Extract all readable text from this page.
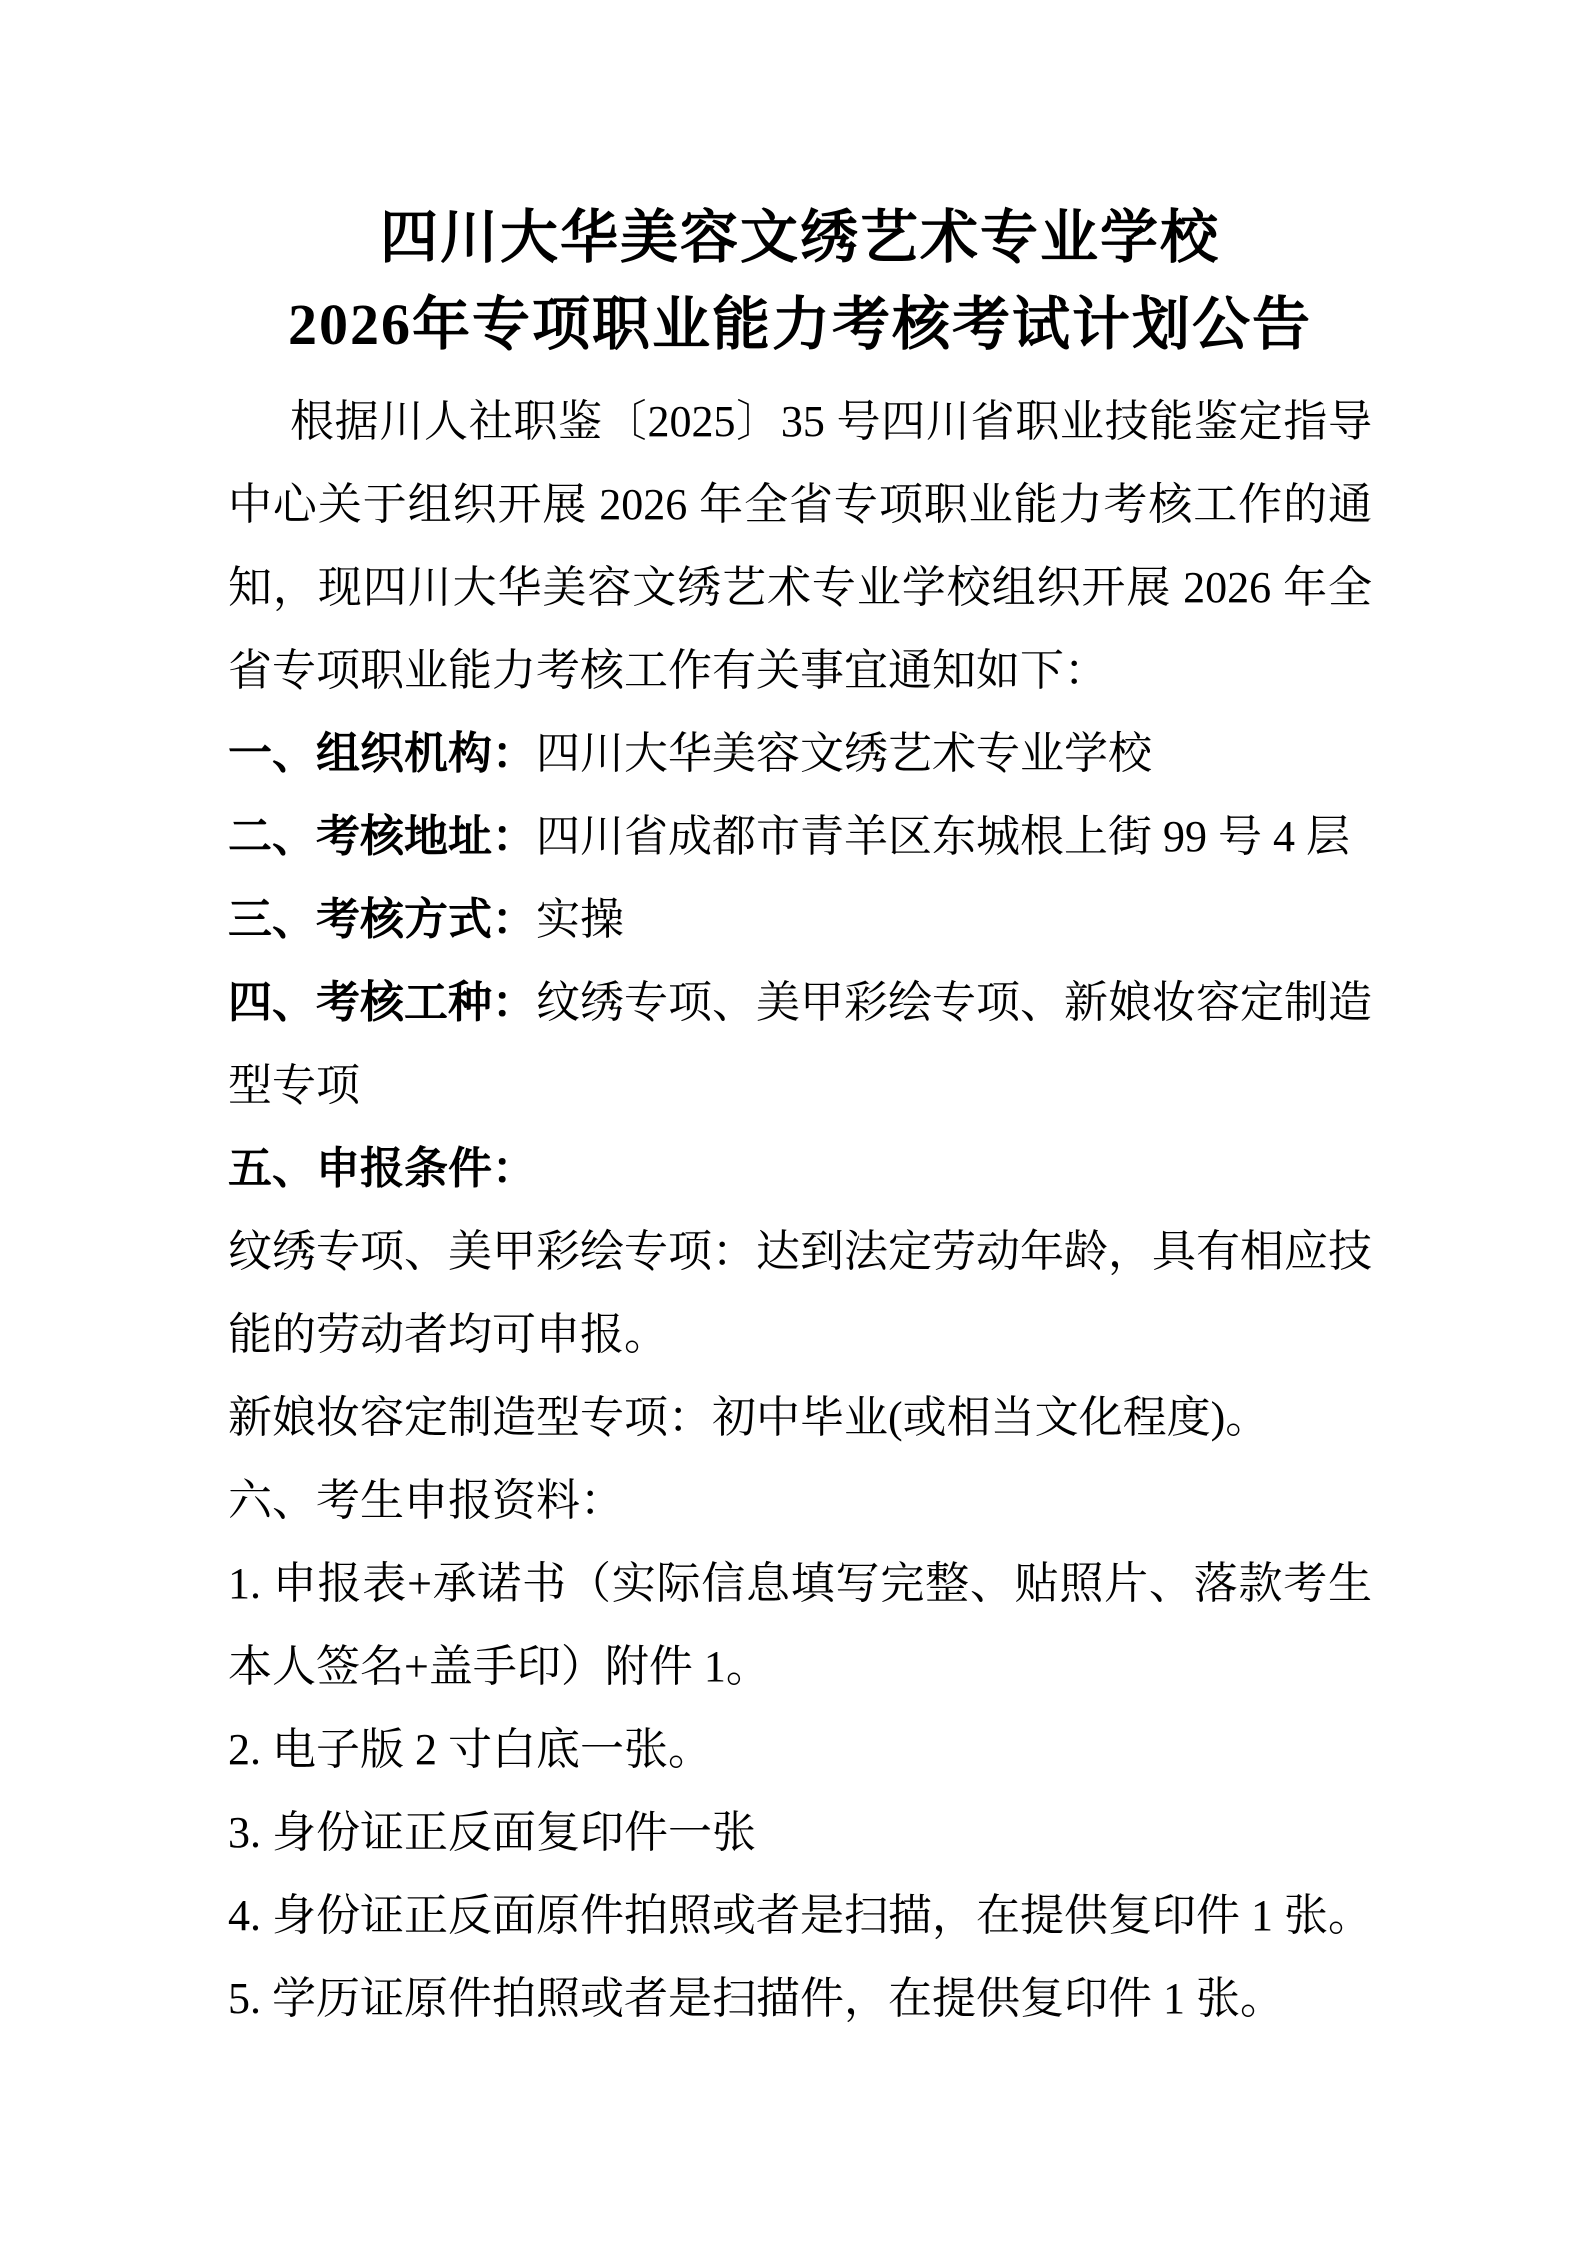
四川大华美容文绣艺术专业学校
2026年专项职业能力考核考试计划公告

根据川人社职鉴〔2025〕35 号四川省职业技能鉴定指导中心关于组织开展 2026 年全省专项职业能力考核工作的通知，现四川大华美容文绣艺术专业学校组织开展 2026 年全省专项职业能力考核工作有关事宜通知如下：

一、组织机构：四川大华美容文绣艺术专业学校

二、考核地址：四川省成都市青羊区东城根上街 99 号 4 层

三、考核方式：实操

四、考核工种：纹绣专项、美甲彩绘专项、新娘妆容定制造型专项

五、申报条件：

纹绣专项、美甲彩绘专项：达到法定劳动年龄，具有相应技能的劳动者均可申报。

新娘妆容定制造型专项：初中毕业(或相当文化程度)。

六、考生申报资料：

1. 申报表+承诺书（实际信息填写完整、贴照片、落款考生本人签名+盖手印）附件 1。

2. 电子版 2 寸白底一张。

3. 身份证正反面复印件一张

4. 身份证正反面原件拍照或者是扫描，在提供复印件 1 张。

5. 学历证原件拍照或者是扫描件，在提供复印件 1 张。
